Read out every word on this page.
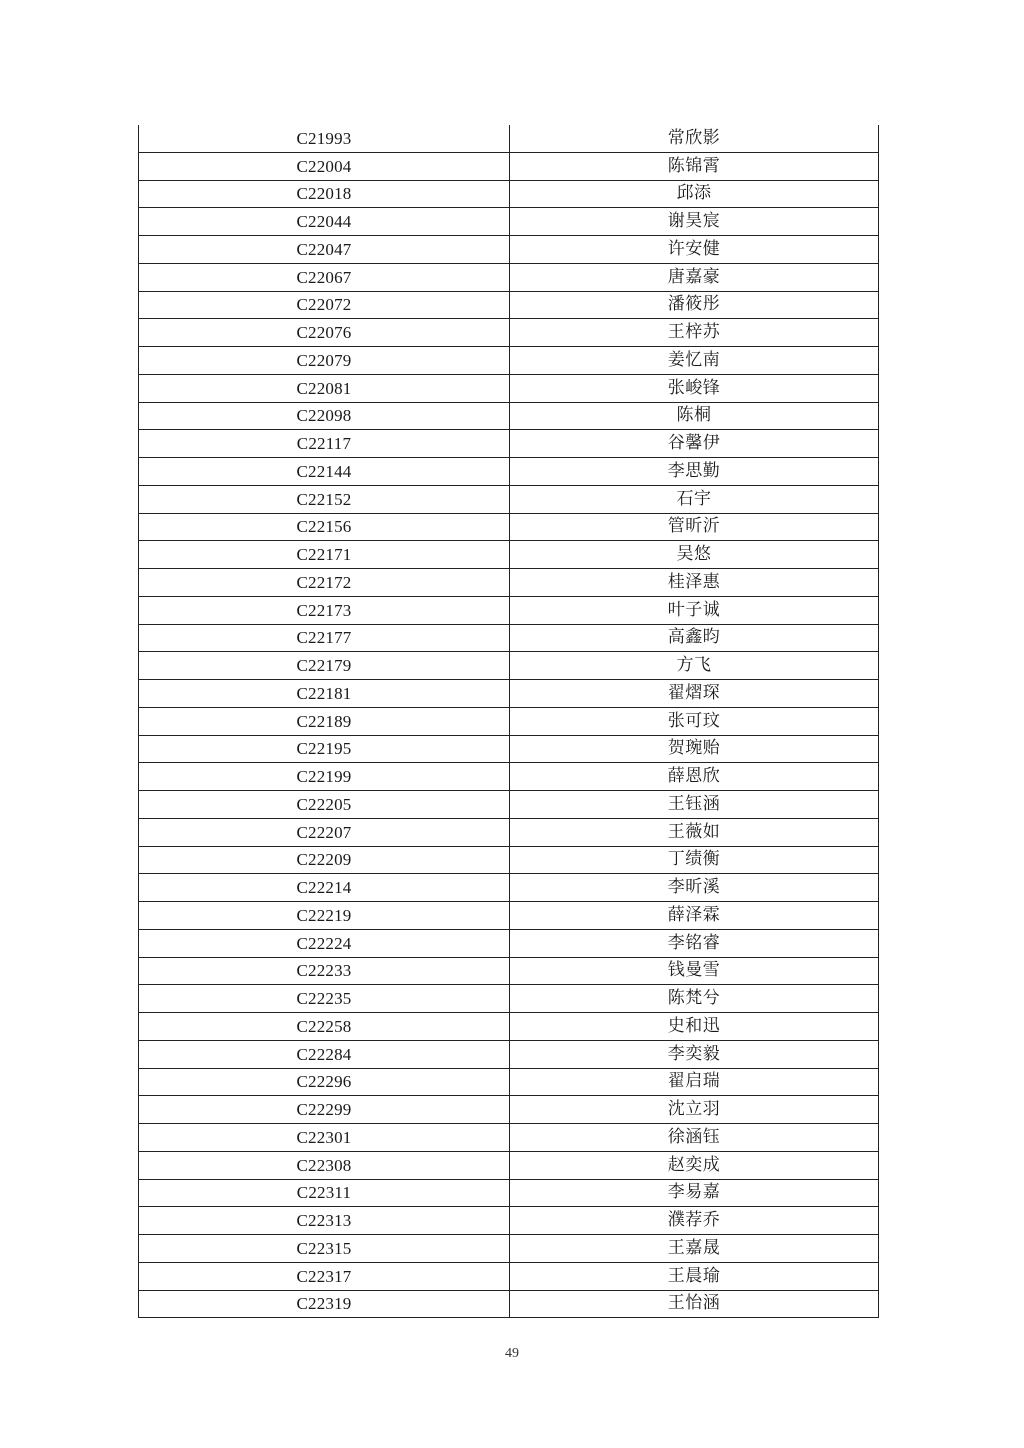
C21993	常欣影
C22004	陈锦霄
C22018	邱添
C22044	谢昊宸
C22047	许安健
C22067	唐嘉豪
C22072	潘筱彤
C22076	王梓苏
C22079	姜忆南
C22081	张峻锋
C22098	陈桐
C22117	谷馨伊
C22144	李思勤
C22152	石宇
C22156	管昕沂
C22171	吴悠
C22172	桂泽惠
C22173	叶子诚
C22177	高鑫昀
C22179	方飞
C22181	翟熠琛
C22189	张可玟
C22195	贺琬贻
C22199	薛恩欣
C22205	王钰涵
C22207	王薇如
C22209	丁绩衡
C22214	李昕溪
C22219	薛泽霖
C22224	李铭睿
C22233	钱曼雪
C22235	陈梵兮
C22258	史和迅
C22284	李奕毅
C22296	翟启瑞
C22299	沈立羽
C22301	徐涵钰
C22308	赵奕成
C22311	李易嘉
C22313	濮荐乔
C22315	王嘉晟
C22317	王晨瑜
C22319	王怡涵
49
